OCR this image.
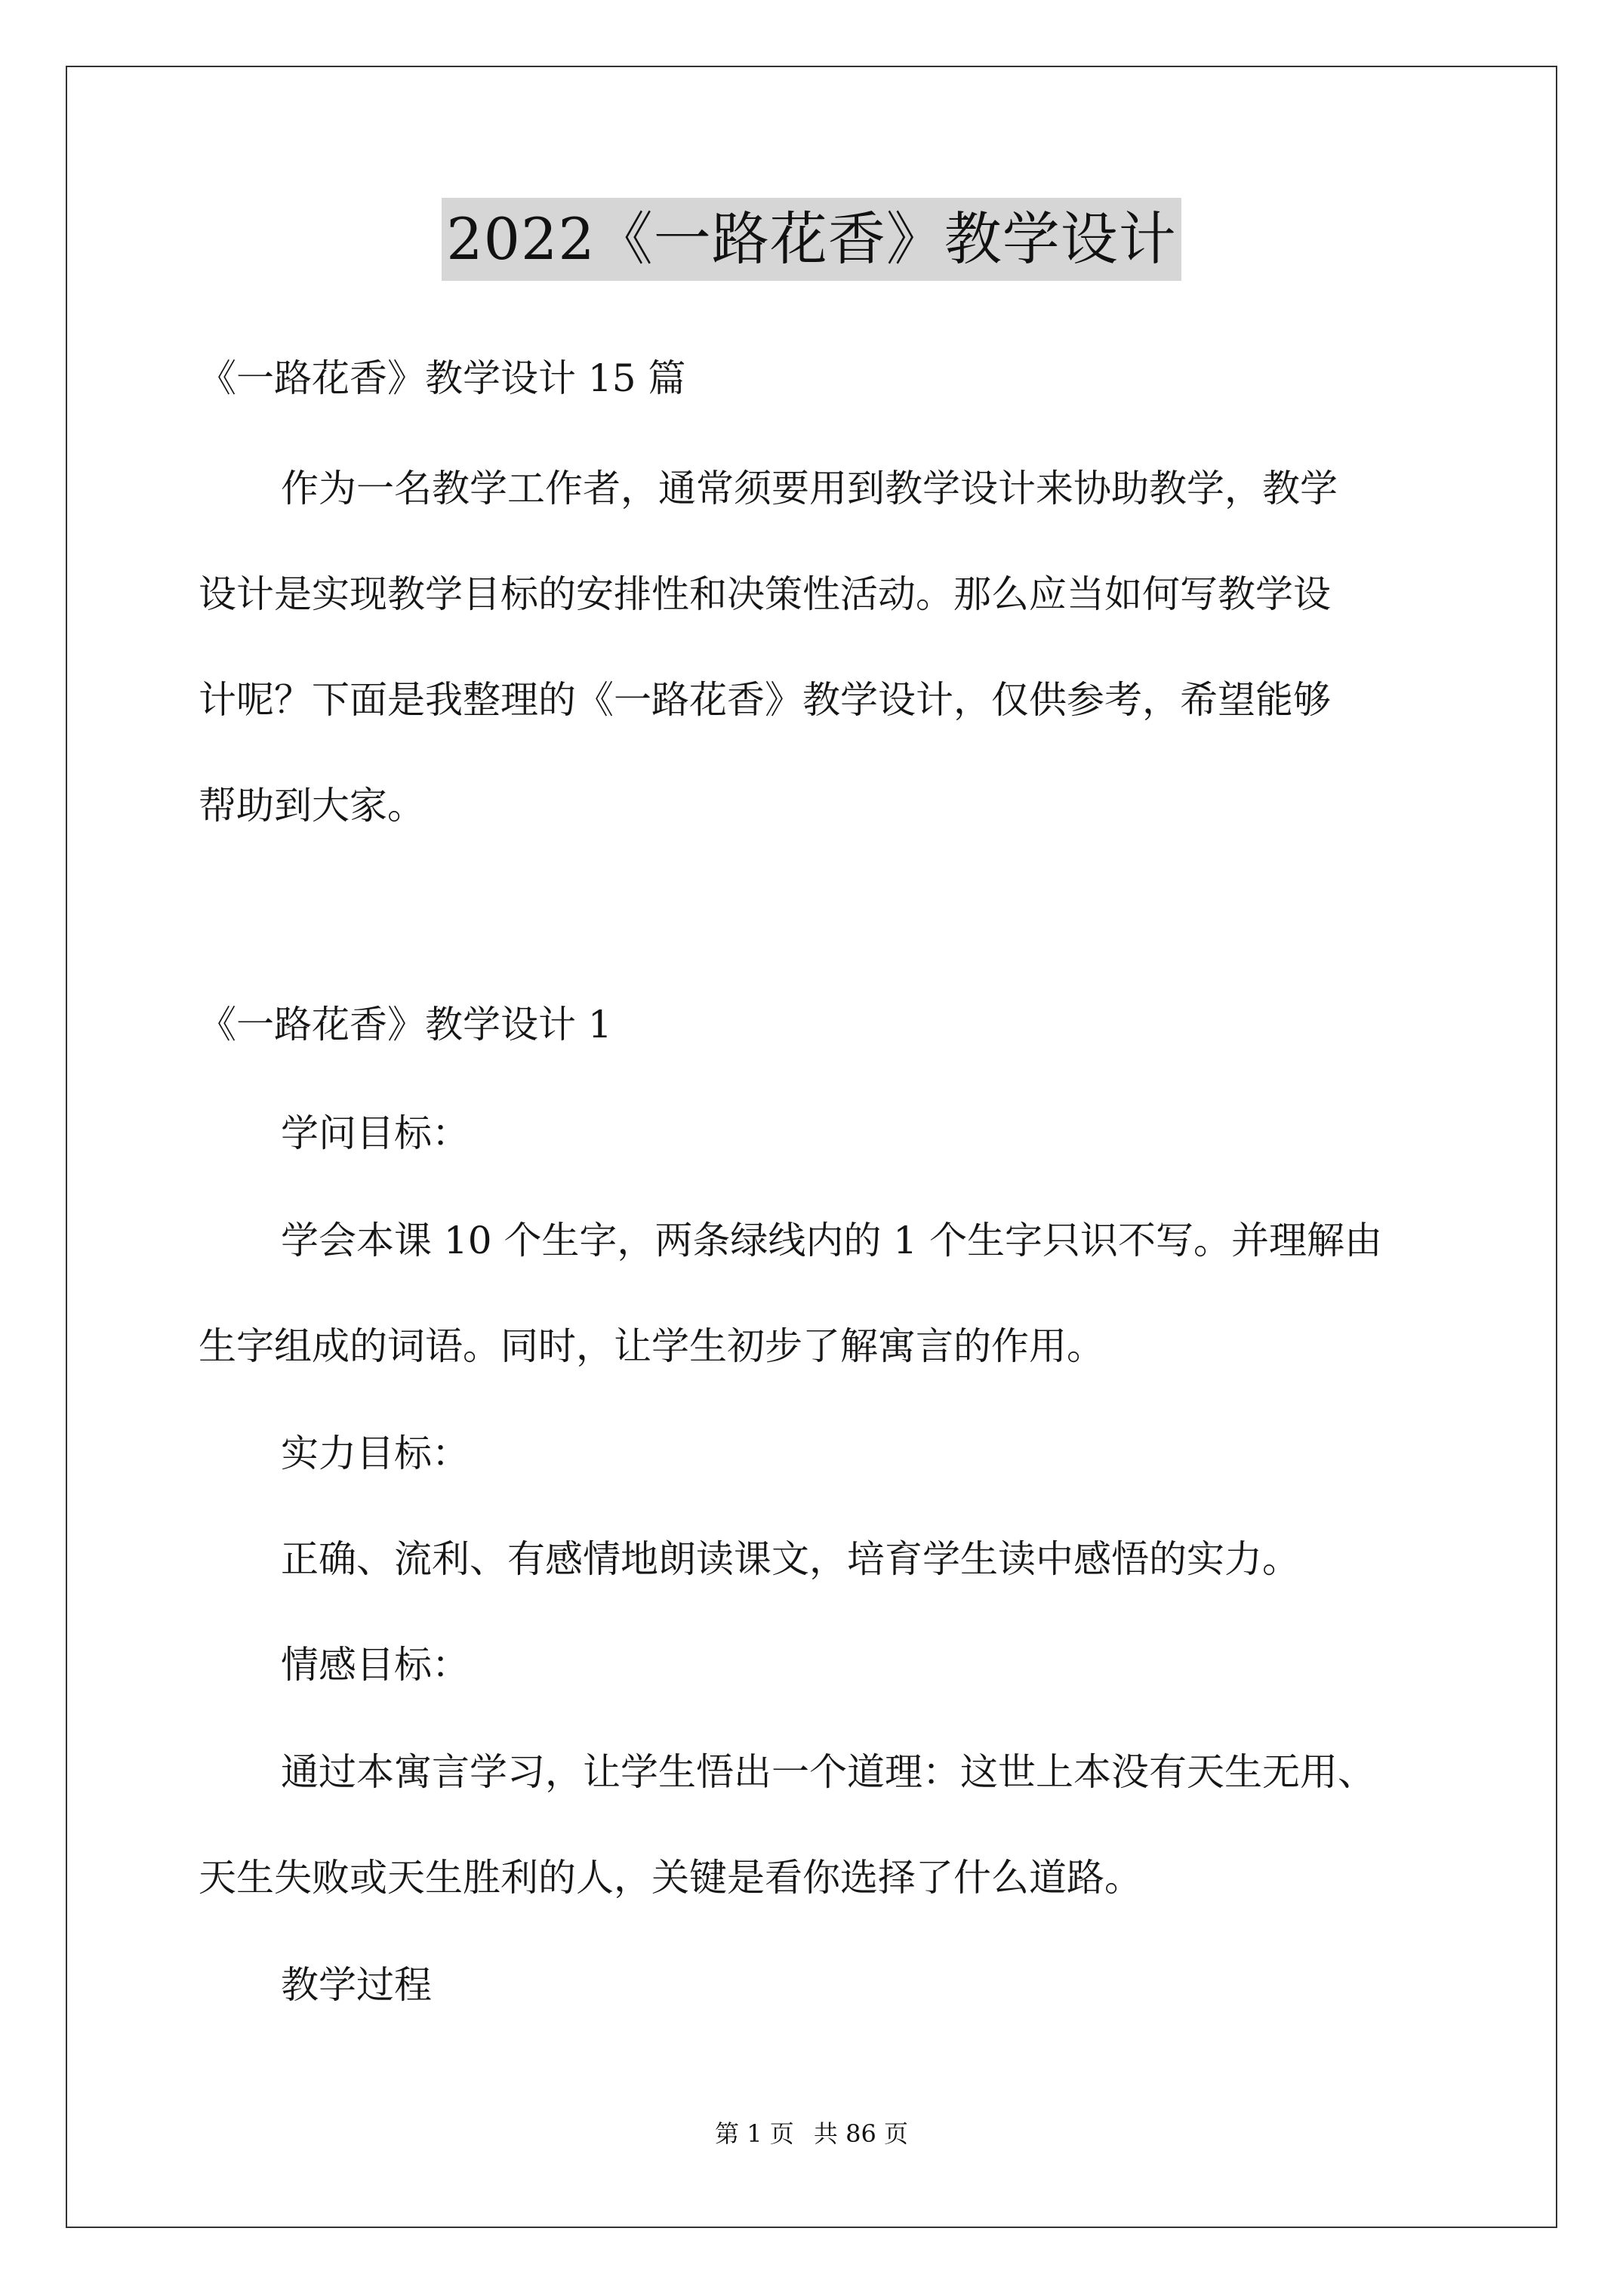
2022《一路花香》教学设计
《一路花香》教学设计 15 篇
作为一名教学工作者，通常须要用到教学设计来协助教学，教学
设计是实现教学目标的安排性和决策性活动。那么应当如何写教学设
计呢？下面是我整理的《一路花香》教学设计，仅供参考，希望能够
帮助到大家。
《一路花香》教学设计 1
学问目标：
学会本课 10 个生字，两条绿线内的 1 个生字只识不写。并理解由
生字组成的词语。同时，让学生初步了解寓言的作用。
实力目标：
正确、流利、有感情地朗读课文，培育学生读中感悟的实力。
情感目标：
通过本寓言学习，让学生悟出一个道理：这世上本没有天生无用、
天生失败或天生胜利的人，关键是看你选择了什么道路。
教学过程
第 1 页 共 86 页
